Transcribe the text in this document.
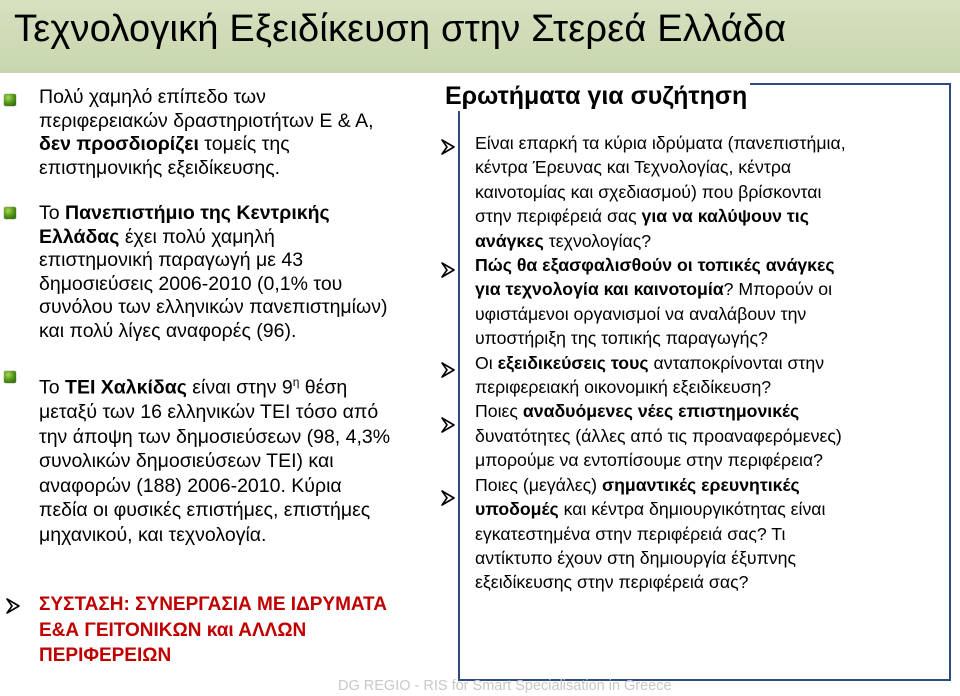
Τεχνολογική Εξειδίκευση στην Στερεά Ελλάδα
Ερωτήματα για συζήτηση
Πολύ χαμηλό επίπεδο των
περιφερειακών δραστηριοτήτων Ε & Α,
δεν προσδιορίζει τομείς της
επιστημονικής εξειδίκευσης.
Το Πανεπιστήμιο της Κεντρικής
Ελλάδας έχει πολύ χαμηλή
επιστημονική παραγωγή με 43
δημοσιεύσεις 2006-2010 (0,1% του
συνόλου των ελληνικών πανεπιστημίων)
και πολύ λίγες αναφορές (96).
Το ΤΕΙ Χαλκίδας είναι στην $9^\eta$ θέση
μεταξύ των 16 ελληνικών ΤΕΙ τόσο από
την άποψη των δημοσιεύσεων (98, 4,3%
συνολικών δημοσιεύσεων ΤΕΙ) και
αναφορών (188) 2006-2010. Κύρια
πεδία οι φυσικές επιστήμες, επιστήμες
μηχανικού, και τεχνολογία.
ΣΥΣΤΑΣΗ: ΣΥΝΕΡΓΑΣΙΑ ΜΕ ΙΔΡΥΜΑΤΑ
Ε&Α ΓΕΙΤΟΝΙΚΩΝ και ΑΛΛΩΝ
ΠΕΡΙΦΕΡΕΙΩΝ
Είναι επαρκή τα κύρια ιδρύματα (πανεπιστήμια,
κέντρα Έρευνας και Τεχνολογίας, κέντρα
καινοτομίας και σχεδιασμού) που βρίσκονται
στην περιφέρειά σας για να καλύψουν τις
ανάγκες τεχνολογίας?
Πώς θα εξασφαλισθούν οι τοπικές ανάγκες
για τεχνολογία και καινοτομία? Μπορούν οι
υφιστάμενοι οργανισμοί να αναλάβουν την
υποστήριξη της τοπικής παραγωγής?
Οι εξειδικεύσεις τους ανταποκρίνονται στην
περιφερειακή οικονομική εξειδίκευση?
Ποιες αναδυόμενες νέες επιστημονικές
δυνατότητες (άλλες από τις προαναφερόμενες)
μπορούμε να εντοπίσουμε στην περιφέρεια?
Ποιες (μεγάλες) σημαντικές ερευνητικές
υποδομές και κέντρα δημιουργικότητας είναι
εγκατεστημένα στην περιφέρειά σας? Τι
αντίκτυπο έχουν στη δημιουργία έξυπνης
εξειδίκευσης στην περιφέρειά σας?
DG REGIO - RIS for Smart Specialisation in Greece
